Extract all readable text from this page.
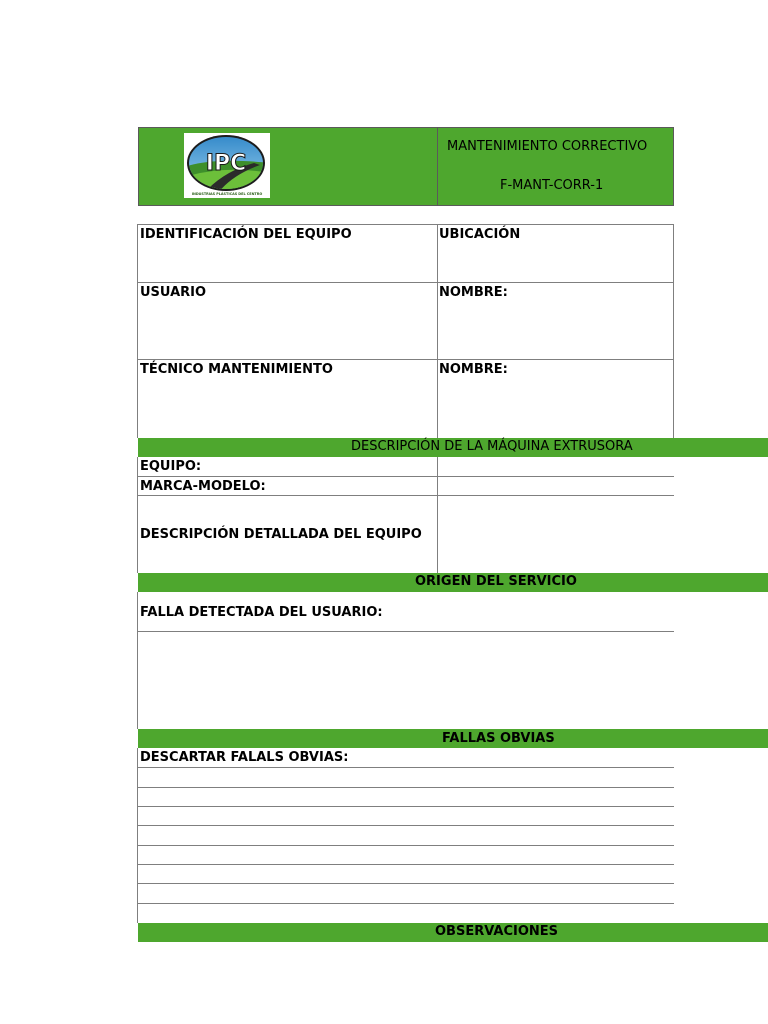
IPC
INDUSTRIAS PLÁSTICAS DEL CENTRO
MANTENIMIENTO CORRECTIVO
F-MANT-CORR-1
IDENTIFICACIÓN DEL EQUIPO	UBICACIÓN
USUARIO	NOMBRE:
TÉCNICO MANTENIMIENTO	NOMBRE:
DESCRIPCIÓN DE LA MÁQUINA EXTRUSORA
EQUIPO:
MARCA-MODELO:
DESCRIPCIÓN DETALLADA DEL EQUIPO
ORIGEN DEL SERVICIO
FALLA DETECTADA DEL USUARIO:
FALLAS OBVIAS
DESCARTAR FALALS OBVIAS:
OBSERVACIONES
